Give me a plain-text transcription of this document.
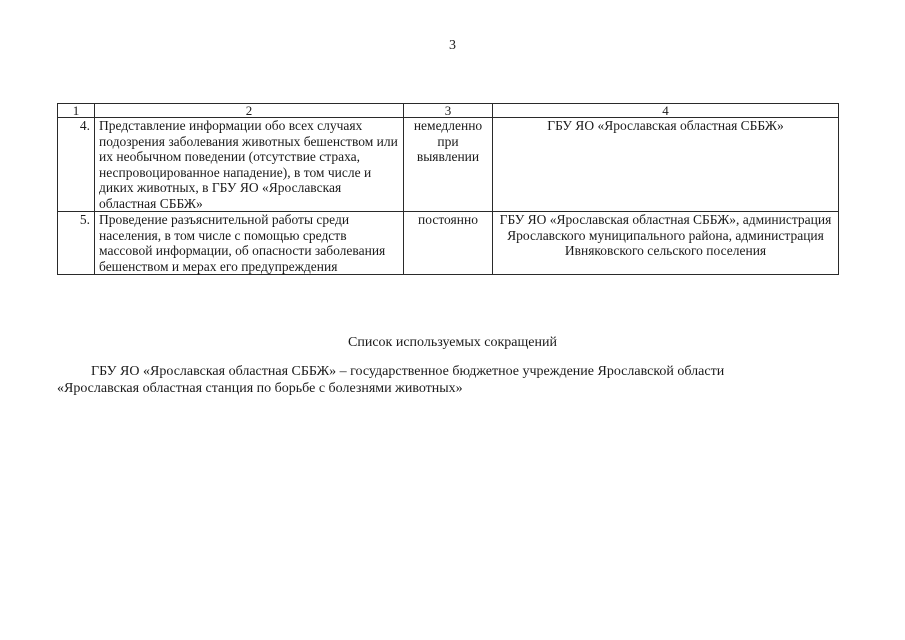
3
1	2	3	4
4.	Представление информации обо всех случаях подозрения заболевания животных бешенством или их необычном поведении (отсутствие страха, неспровоцированное нападение), в том числе и диких животных, в ГБУ ЯО «Ярославская областная СББЖ»	немедленно при выявлении	ГБУ ЯО «Ярославская областная СББЖ»
5.	Проведение разъяснительной работы среди населения, в том числе с помощью средств массовой информации, об опасности заболевания бешенством и мерах его предупреждения	постоянно	ГБУ ЯО «Ярославская областная СББЖ», администрация Ярославского муниципального района, администрация Ивняковского сельского поселения
Список используемых сокращений
ГБУ ЯО «Ярославская областная СББЖ» – государственное бюджетное учреждение Ярославской области
«Ярославская областная станция по борьбе с болезнями животных»
